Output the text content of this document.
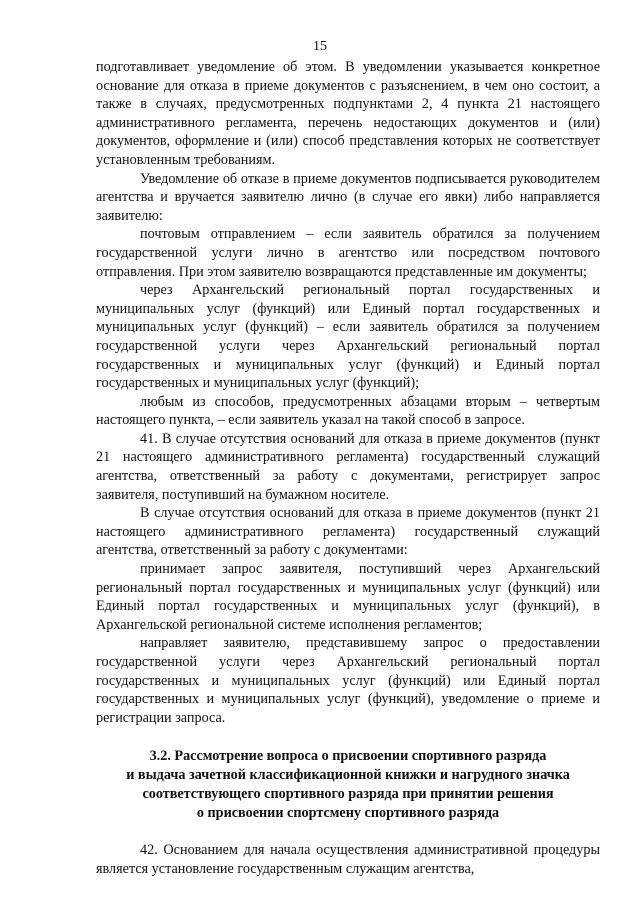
15

подготавливает уведомление об этом. В уведомлении указывается конкретное основание для отказа в приеме документов с разъяснением, в чем оно состоит, а также в случаях, предусмотренных подпунктами 2, 4 пункта 21 настоящего административного регламента, перечень недостающих документов и (или) документов, оформление и (или) способ представления которых не соответствует установленным требованиям.

Уведомление об отказе в приеме документов подписывается руководителем агентства и вручается заявителю лично (в случае его явки) либо направляется заявителю:

почтовым отправлением – если заявитель обратился за получением государственной услуги лично в агентство или посредством почтового отправления. При этом заявителю возвращаются представленные им документы;

через Архангельский региональный портал государственных и муниципальных услуг (функций) или Единый портал государственных и муниципальных услуг (функций) – если заявитель обратился за получением государственной услуги через Архангельский региональный портал государственных и муниципальных услуг (функций) и Единый портал государственных и муниципальных услуг (функций);

любым из способов, предусмотренных абзацами вторым – четвертым настоящего пункта, – если заявитель указал на такой способ в запросе.

41. В случае отсутствия оснований для отказа в приеме документов (пункт 21 настоящего административного регламента) государственный служащий агентства, ответственный за работу с документами, регистрирует запрос заявителя, поступивший на бумажном носителе.

В случае отсутствия оснований для отказа в приеме документов (пункт 21 настоящего административного регламента) государственный служащий агентства, ответственный за работу с документами:

принимает запрос заявителя, поступивший через Архангельский региональный портал государственных и муниципальных услуг (функций) или Единый портал государственных и муниципальных услуг (функций), в Архангельской региональной системе исполнения регламентов;

направляет заявителю, представившему запрос о предоставлении государственной услуги через Архангельский региональный портал государственных и муниципальных услуг (функций) или Единый портал государственных и муниципальных услуг (функций), уведомление о приеме и регистрации запроса.

3.2. Рассмотрение вопроса о присвоении спортивного разряда
и выдача зачетной классификационной книжки и нагрудного значка
соответствующего спортивного разряда при принятии решения
о присвоении спортсмену спортивного разряда

42. Основанием для начала осуществления административной процедуры является установление государственным служащим агентства,
